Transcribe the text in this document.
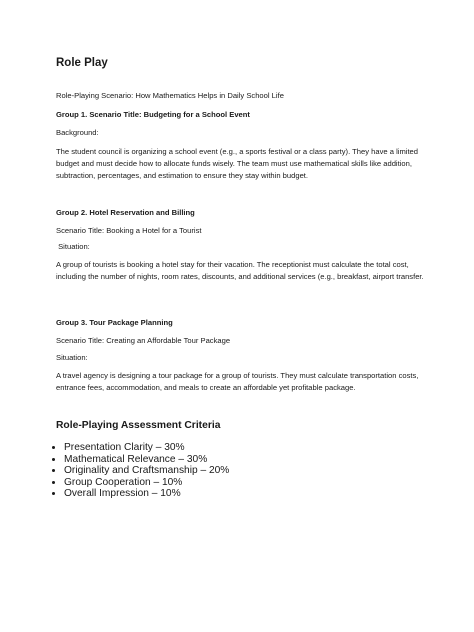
Role Play

Role-Playing Scenario: How Mathematics Helps in Daily School Life

Group 1. Scenario Title: Budgeting for a School Event

Background:

The student council is organizing a school event (e.g., a sports festival or a class party). They have a limited budget and must decide how to allocate funds wisely. The team must use mathematical skills like addition, subtraction, percentages, and estimation to ensure they stay within budget.

Group 2. Hotel Reservation and Billing

Scenario Title: Booking a Hotel for a Tourist

Situation:

A group of tourists is booking a hotel stay for their vacation. The receptionist must calculate the total cost, including the number of nights, room rates, discounts, and additional services (e.g., breakfast, airport transfer.

Group 3. Tour Package Planning

Scenario Title: Creating an Affordable Tour Package

Situation:

A travel agency is designing a tour package for a group of tourists. They must calculate transportation costs, entrance fees, accommodation, and meals to create an affordable yet profitable package.

Role-Playing Assessment Criteria

• Presentation Clarity – 30%
• Mathematical Relevance – 30%
• Originality and Craftsmanship – 20%
• Group Cooperation – 10%
• Overall Impression – 10%
